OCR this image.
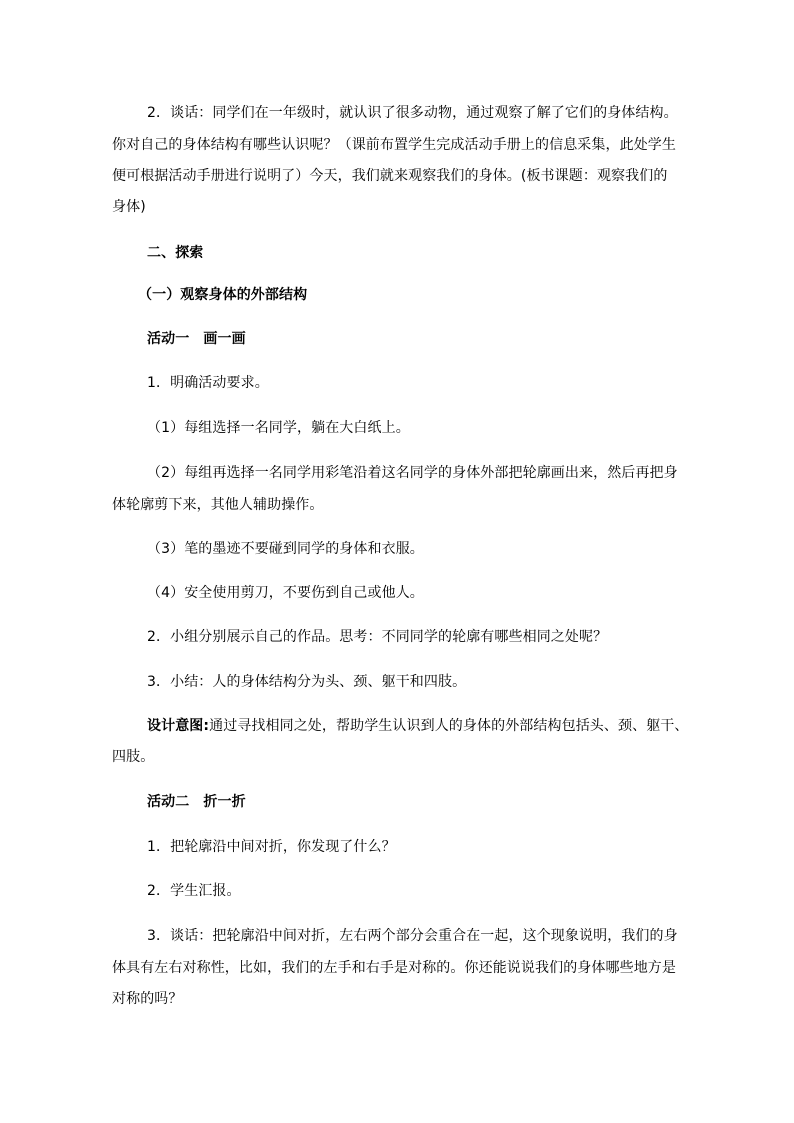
2．谈话：同学们在一年级时，就认识了很多动物，通过观察了解了它们的身体结构。
你对自己的身体结构有哪些认识呢？（课前布置学生完成活动手册上的信息采集，此处学生
便可根据活动手册进行说明了）今天，我们就来观察我们的身体。(板书课题：观察我们的
身体)
二、探索
（一）观察身体的外部结构
活动一　画一画
1．明确活动要求。
（1）每组选择一名同学，躺在大白纸上。
（2）每组再选择一名同学用彩笔沿着这名同学的身体外部把轮廓画出来，然后再把身
体轮廓剪下来，其他人辅助操作。
（3）笔的墨迹不要碰到同学的身体和衣服。
（4）安全使用剪刀，不要伤到自己或他人。
2．小组分别展示自己的作品。思考：不同同学的轮廓有哪些相同之处呢？
3．小结：人的身体结构分为头、颈、躯干和四肢。
设计意图:通过寻找相同之处，帮助学生认识到人的身体的外部结构包括头、颈、躯干、
四肢。
活动二　折一折
1．把轮廓沿中间对折，你发现了什么？
2．学生汇报。
3．谈话：把轮廓沿中间对折，左右两个部分会重合在一起，这个现象说明，我们的身
体具有左右对称性，比如，我们的左手和右手是对称的。你还能说说我们的身体哪些地方是
对称的吗？
